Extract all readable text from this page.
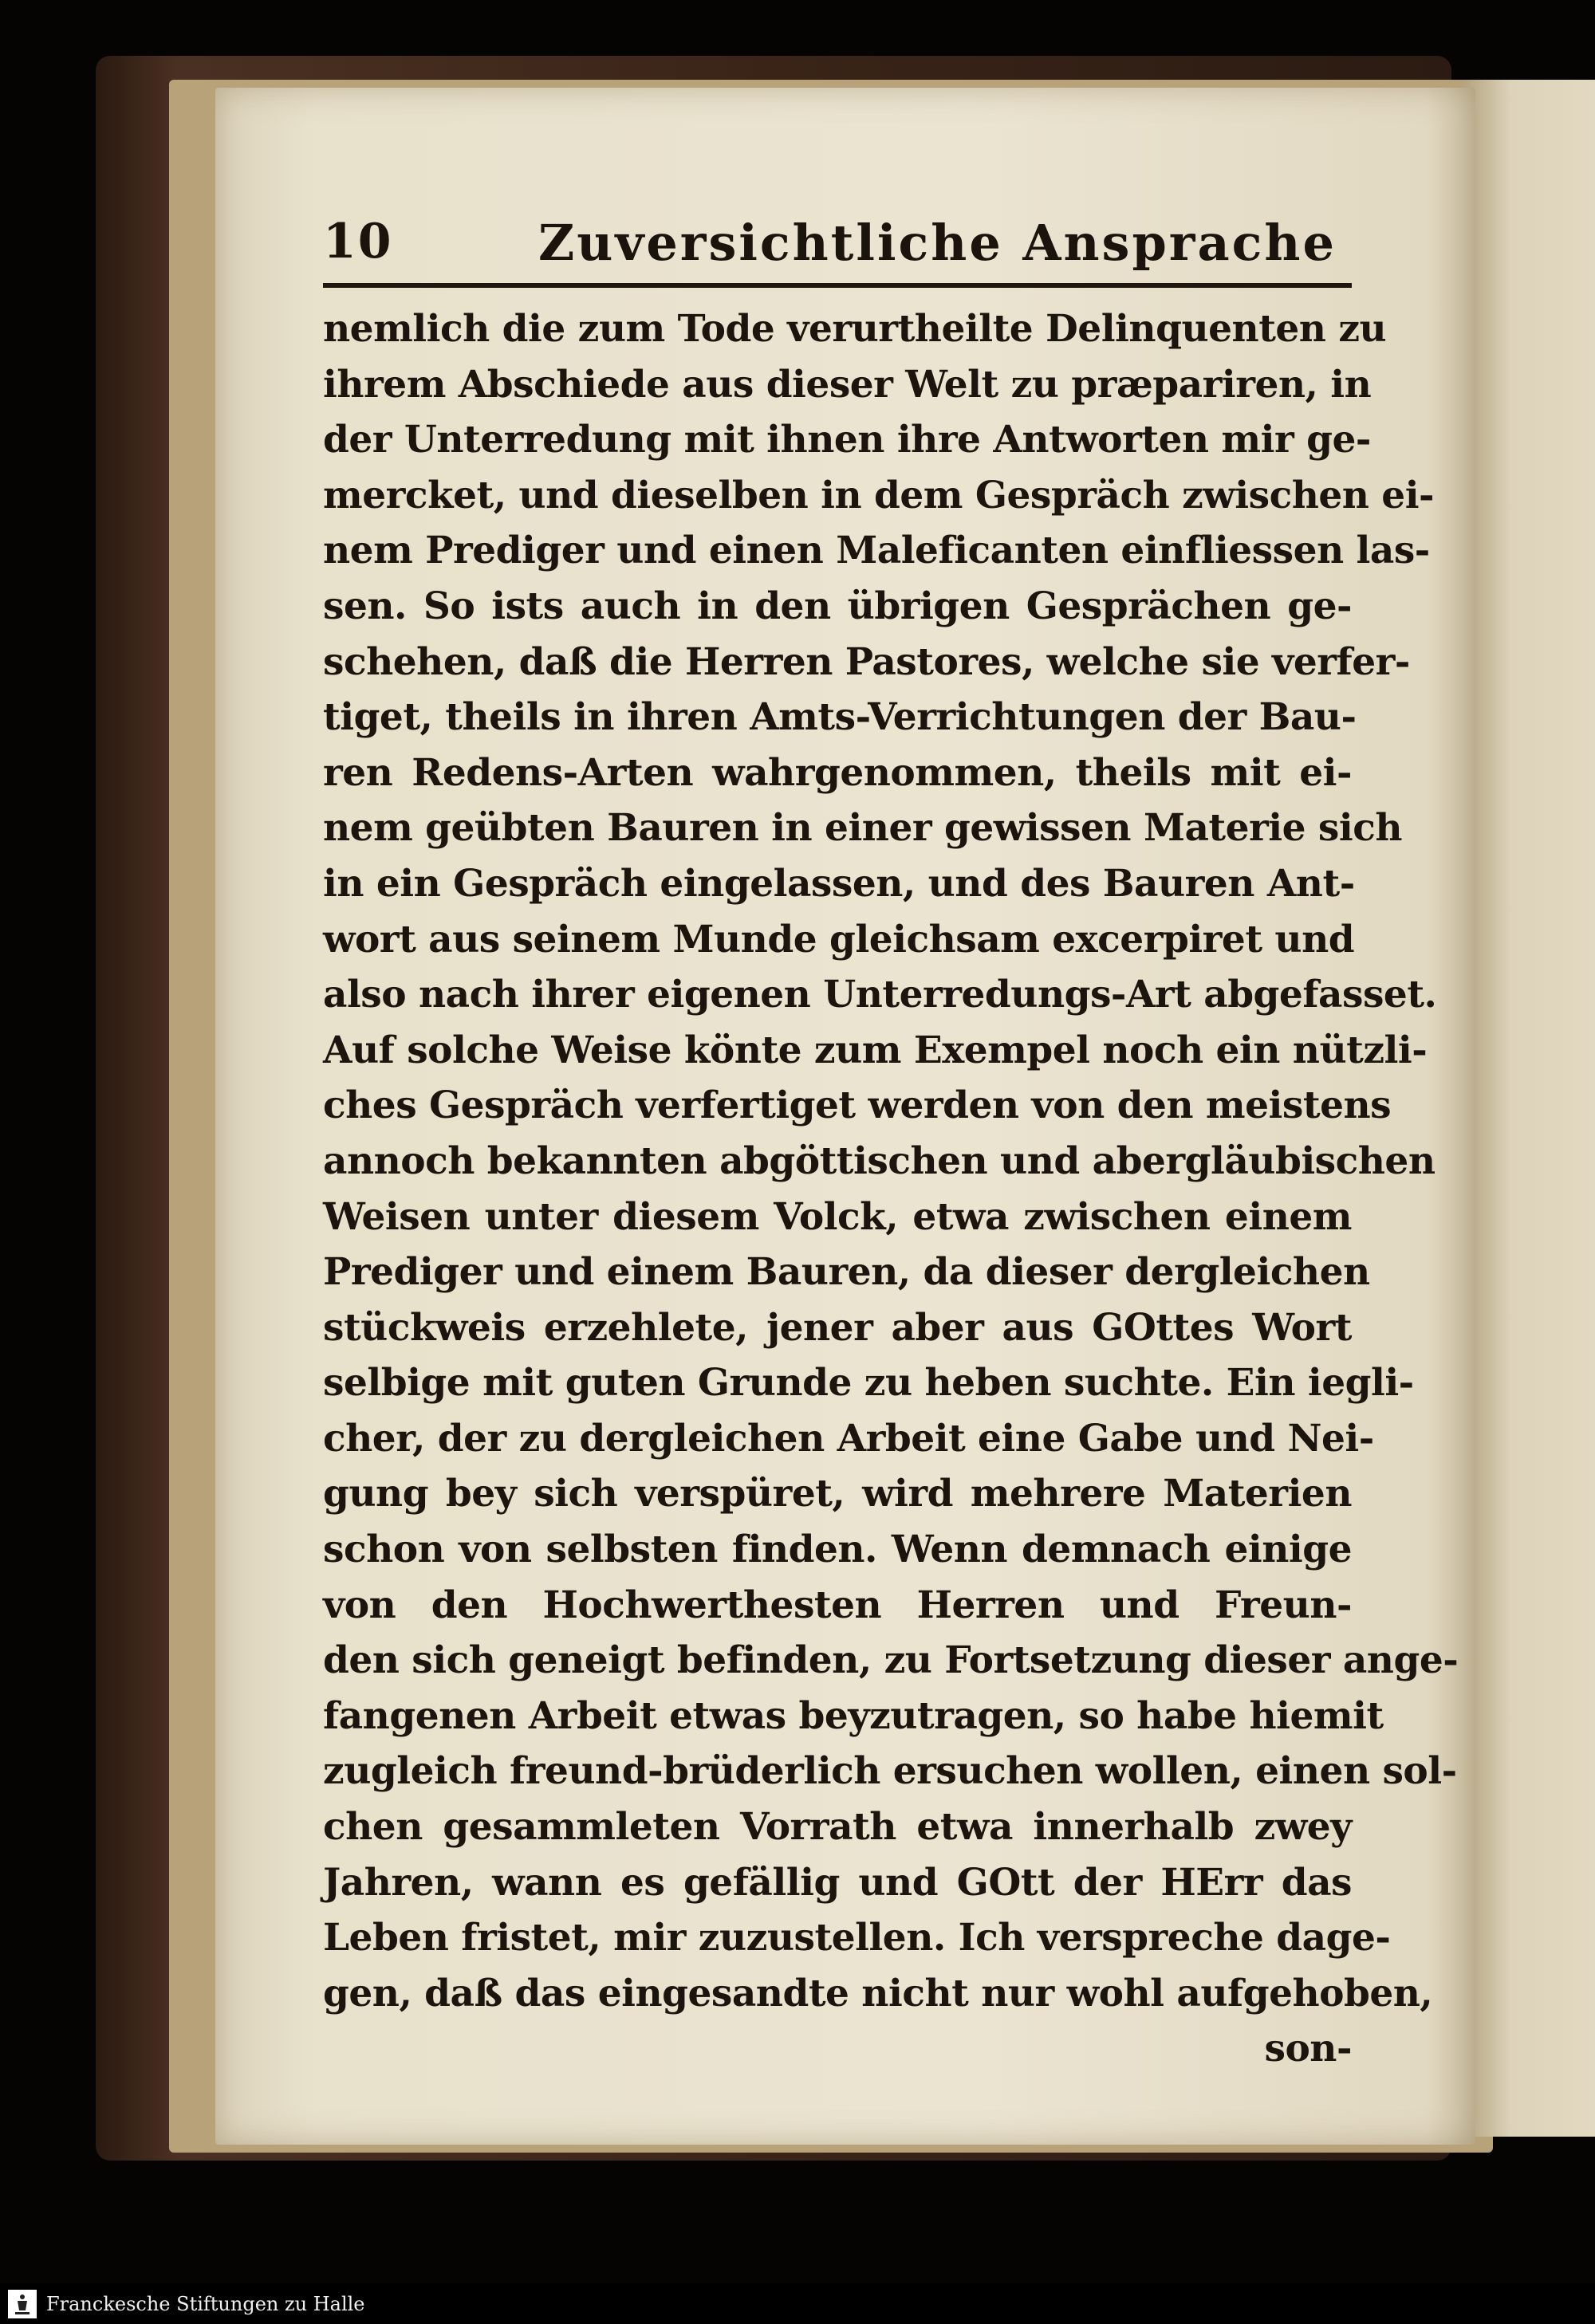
10	Zuversichtliche Ansprache
nemlich die zum Tode verurtheilte Delinquenten zu
ihrem Abschiede aus dieser Welt zu præpariren, in
der Unterredung mit ihnen ihre Antworten mir ge-
mercket, und dieselben in dem Gespräch zwischen ei-
nem Prediger und einen Maleficanten einfliessen las-
sen. So ists auch in den übrigen Gesprächen ge-
schehen, daß die Herren Pastores, welche sie verfer-
tiget, theils in ihren Amts-Verrichtungen der Bau-
ren Redens-Arten wahrgenommen, theils mit ei-
nem geübten Bauren in einer gewissen Materie sich
in ein Gespräch eingelassen, und des Bauren Ant-
wort aus seinem Munde gleichsam excerpiret und
also nach ihrer eigenen Unterredungs-Art abgefasset.
Auf solche Weise könte zum Exempel noch ein nützli-
ches Gespräch verfertiget werden von den meistens
annoch bekannten abgöttischen und abergläubischen
Weisen unter diesem Volck, etwa zwischen einem
Prediger und einem Bauren, da dieser dergleichen
stückweis erzehlete, jener aber aus GOttes Wort
selbige mit guten Grunde zu heben suchte. Ein iegli-
cher, der zu dergleichen Arbeit eine Gabe und Nei-
gung bey sich verspüret, wird mehrere Materien
schon von selbsten finden. Wenn demnach einige
von den Hochwerthesten Herren und Freun-
den sich geneigt befinden, zu Fortsetzung dieser ange-
fangenen Arbeit etwas beyzutragen, so habe hiemit
zugleich freund-brüderlich ersuchen wollen, einen sol-
chen gesammleten Vorrath etwa innerhalb zwey
Jahren, wann es gefällig und GOtt der HErr das
Leben fristet, mir zuzustellen. Ich verspreche dage-
gen, daß das eingesandte nicht nur wohl aufgehoben,
son-
Franckesche Stiftungen zu Halle
